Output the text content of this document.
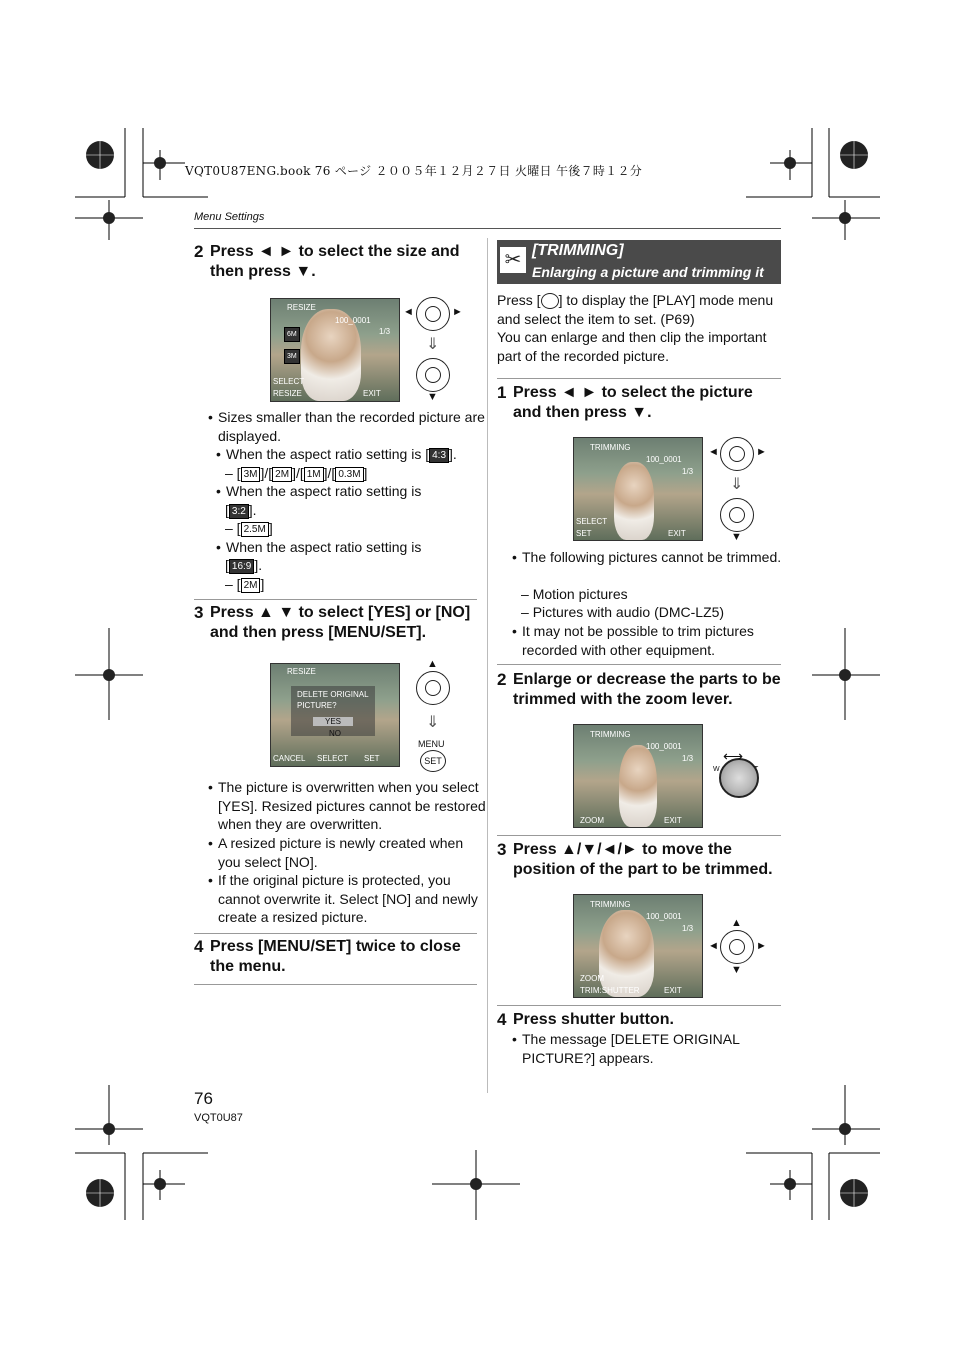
VQT0U87ENG.book 76 ページ ２００５年１２月２７日 火曜日 午後７時１２分
Menu Settings
2 Press ◄ ► to select the size and then press ▼.
RESIZE
100_0001
1/3
6M
3M
SELECT
RESIZE	EXIT
◄	►
⇓
▼
• Sizes smaller than the recorded picture are displayed.
• When the aspect ratio setting is [ 4:3 ].
– [ 3M ]/[ 2M ]/[ 1M ]/[ 0.3M ]
• When the aspect ratio setting is
[ 3:2 ].
– [ 2.5M ]
• When the aspect ratio setting is
[ 16:9 ].
– [ 2M ]
3 Press ▲ ▼ to select [YES] or [NO] and then press [MENU/SET].
RESIZE
DELETE ORIGINAL PICTURE?
YES
NO
CANCEL SELECT SET
▲
⇓
MENU
SET
• The picture is overwritten when you select [YES]. Resized pictures cannot be restored when they are overwritten.
• A resized picture is newly created when you select [NO].
• If the original picture is protected, you cannot overwrite it. Select [NO] and newly create a resized picture.
4 Press [MENU/SET] twice to close the menu.
✂ [TRIMMING]
Enlarging a picture and trimming it
Press [ ] to display the [PLAY] mode menu and select the item to set. (P69)
You can enlarge and then clip the important part of the recorded picture.
1 Press ◄ ► to select the picture and then press ▼.
TRIMMING
100_0001
1/3
SELECT
SET	EXIT
◄	►
⇓
▼
• The following pictures cannot be trimmed.
– Motion pictures
– Pictures with audio (DMC-LZ5)
• It may not be possible to trim pictures recorded with other equipment.
2 Enlarge or decrease the parts to be trimmed with the zoom lever.
TRIMMING
100_0001
1/3
ZOOM	EXIT
W	T
⟷
3 Press ▲/▼/◄/► to move the position of the part to be trimmed.
TRIMMING
100_0001
1/3
ZOOM
TRIM:SHUTTER	EXIT
▲
◄	►
▼
4 Press shutter button.
• The message [DELETE ORIGINAL PICTURE?] appears.
76
VQT0U87
